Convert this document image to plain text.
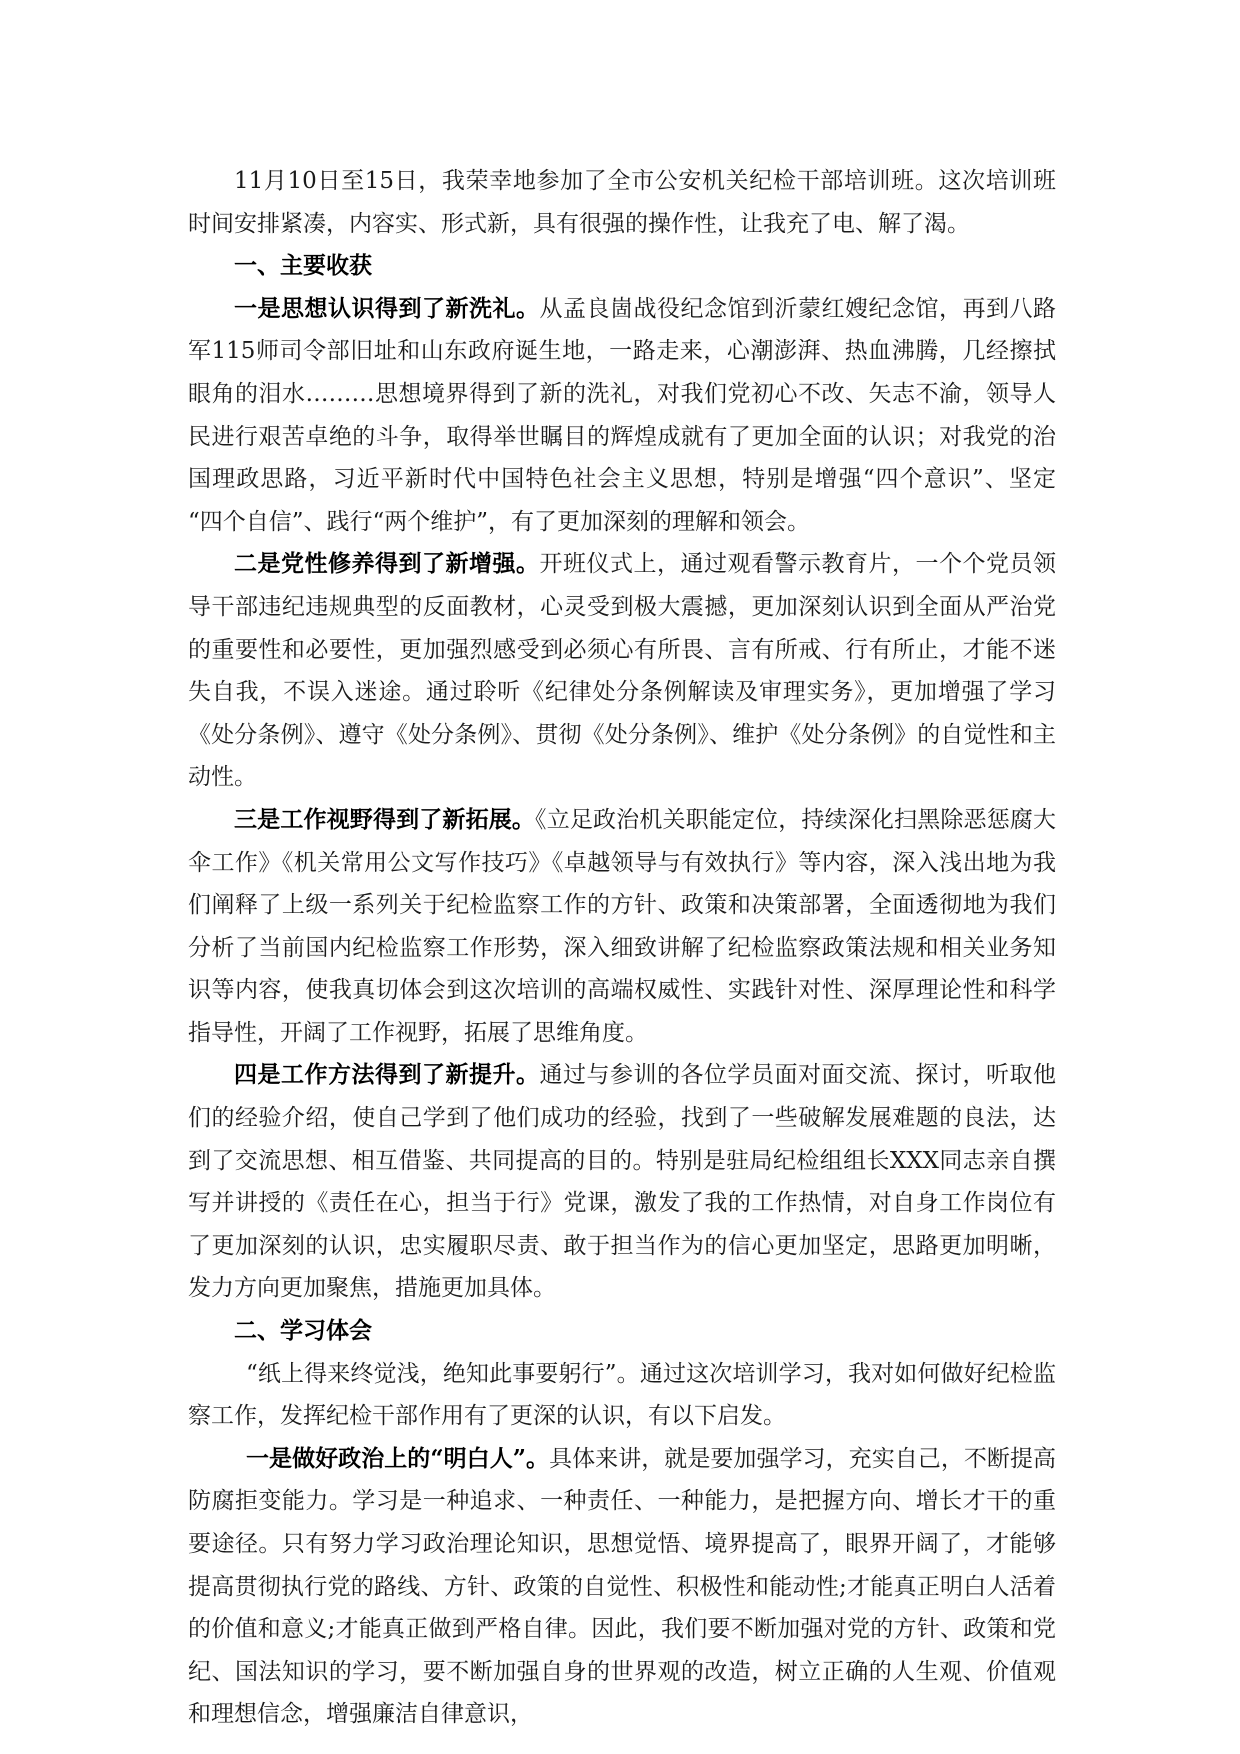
11月10日至15日，我荣幸地参加了全市公安机关纪检干部培训班。这次培训班时间安排紧凑，内容实、形式新，具有很强的操作性，让我充了电、解了渴。

一、主要收获

一是思想认识得到了新洗礼。从孟良崮战役纪念馆到沂蒙红嫂纪念馆，再到八路军115师司令部旧址和山东政府诞生地，一路走来，心潮澎湃、热血沸腾，几经擦拭眼角的泪水………思想境界得到了新的洗礼，对我们党初心不改、矢志不渝，领导人民进行艰苦卓绝的斗争，取得举世瞩目的辉煌成就有了更加全面的认识；对我党的治国理政思路，习近平新时代中国特色社会主义思想，特别是增强“四个意识”、坚定 “四个自信”、践行“两个维护”，有了更加深刻的理解和领会。

二是党性修养得到了新增强。开班仪式上，通过观看警示教育片，一个个党员领导干部违纪违规典型的反面教材，心灵受到极大震撼，更加深刻认识到全面从严治党的重要性和必要性，更加强烈感受到必须心有所畏、言有所戒、行有所止，才能不迷失自我，不误入迷途。通过聆听《纪律处分条例解读及审理实务》，更加增强了学习《处分条例》、遵守《处分条例》、贯彻《处分条例》、维护《处分条例》的自觉性和主动性。

三是工作视野得到了新拓展。《立足政治机关职能定位，持续深化扫黑除恶惩腐大伞工作》《机关常用公文写作技巧》《卓越领导与有效执行》等内容，深入浅出地为我们阐释了上级一系列关于纪检监察工作的方针、政策和决策部署，全面透彻地为我们分析了当前国内纪检监察工作形势，深入细致讲解了纪检监察政策法规和相关业务知识等内容，使我真切体会到这次培训的高端权威性、实践针对性、深厚理论性和科学指导性，开阔了工作视野，拓展了思维角度。

四是工作方法得到了新提升。通过与参训的各位学员面对面交流、探讨，听取他们的经验介绍，使自己学到了他们成功的经验，找到了一些破解发展难题的良法，达到了交流思想、相互借鉴、共同提高的目的。特别是驻局纪检组组长XXX同志亲自撰写并讲授的《责任在心，担当于行》党课，激发了我的工作热情，对自身工作岗位有了更加深刻的认识，忠实履职尽责、敢于担当作为的信心更加坚定，思路更加明晰，发力方向更加聚焦，措施更加具体。

二、学习体会

“纸上得来终觉浅，绝知此事要躬行”。通过这次培训学习，我对如何做好纪检监察工作，发挥纪检干部作用有了更深的认识，有以下启发。

一是做好政治上的“明白人”。具体来讲，就是要加强学习，充实自己，不断提高防腐拒变能力。学习是一种追求、一种责任、一种能力，是把握方向、增长才干的重要途径。只有努力学习政治理论知识，思想觉悟、境界提高了，眼界开阔了，才能够提高贯彻执行党的路线、方针、政策的自觉性、积极性和能动性;才能真正明白人活着的价值和意义;才能真正做到严格自律。因此，我们要不断加强对党的方针、政策和党纪、国法知识的学习，要不断加强自身的世界观的改造，树立正确的人生观、价值观和理想信念，增强廉洁自律意识，
